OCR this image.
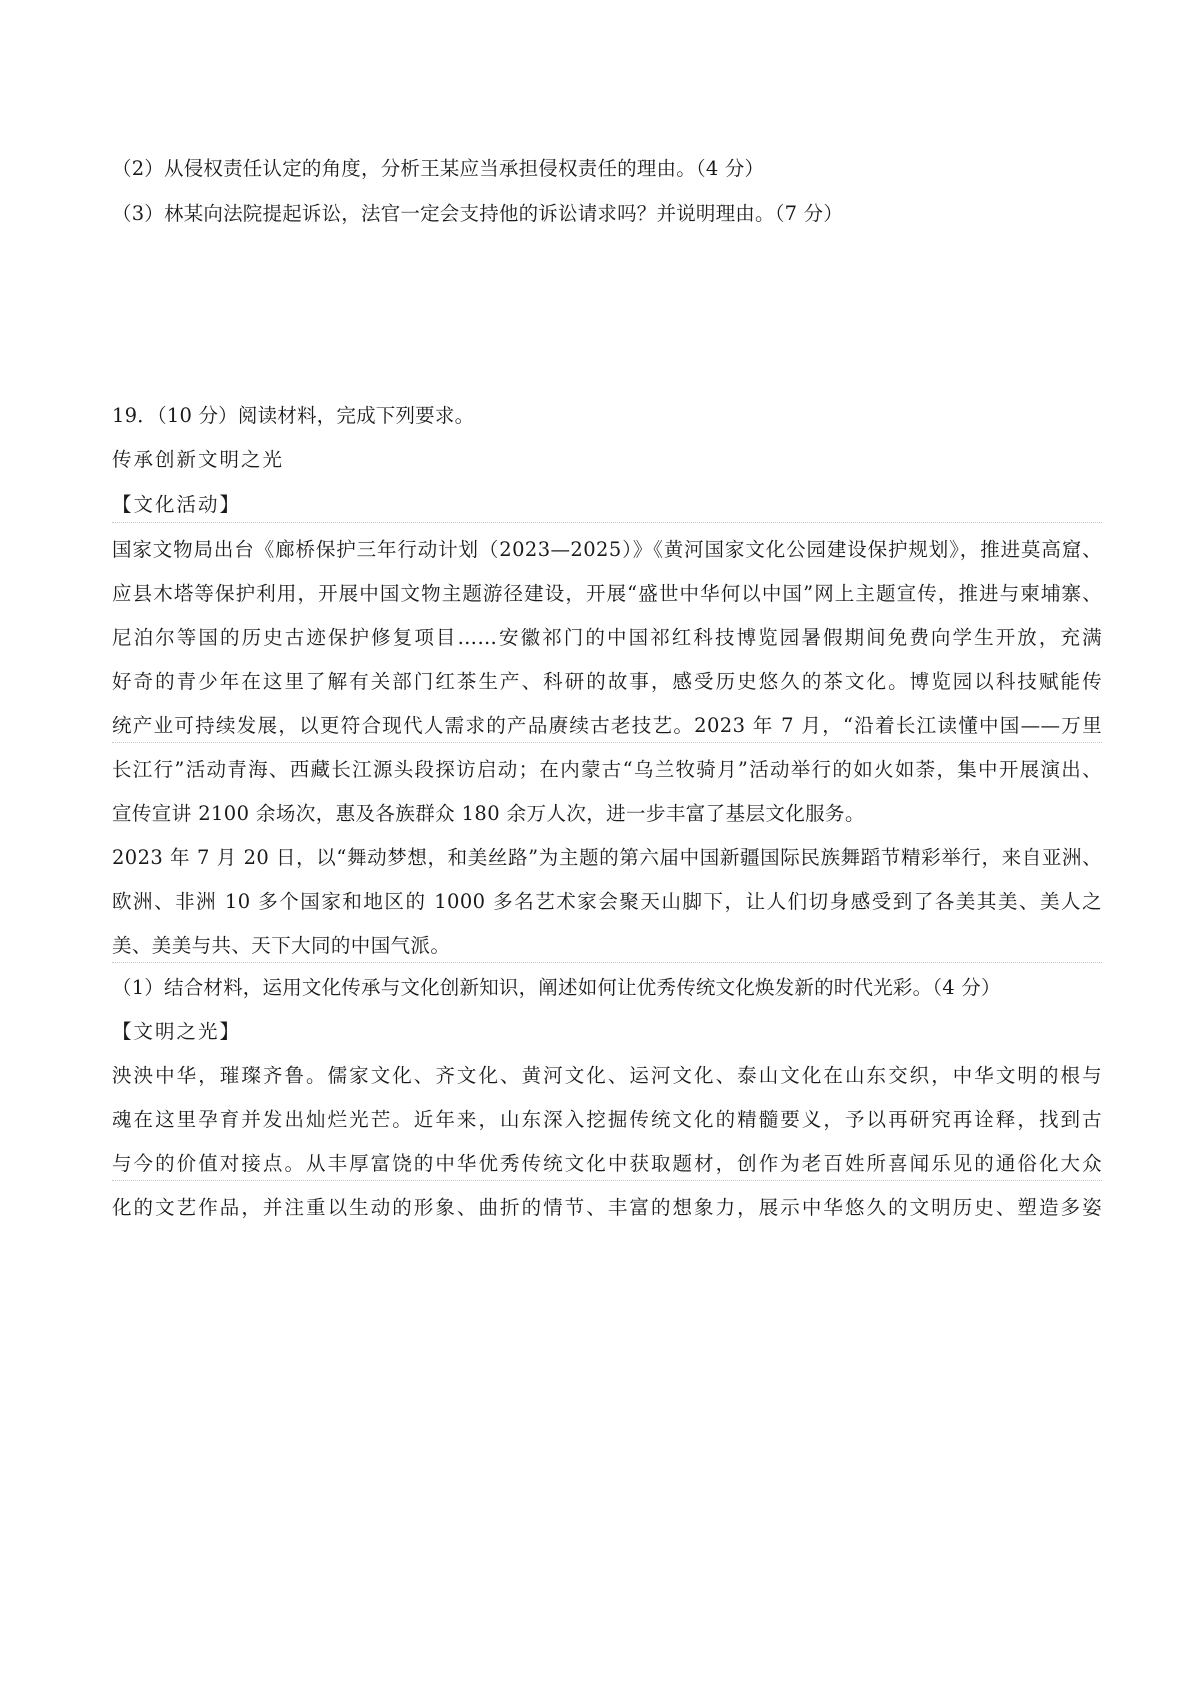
（2）从侵权责任认定的角度，分析王某应当承担侵权责任的理由。（4 分）
（3）林某向法院提起诉讼，法官一定会支持他的诉讼请求吗？并说明理由。（7 分）
19．（10 分）阅读材料，完成下列要求。
传承创新文明之光
【文化活动】
国家文物局出台《廊桥保护三年行动计划（2023—2025）》《黄河国家文化公园建设保护规划》，推进莫高窟、
应县木塔等保护利用，开展中国文物主题游径建设，开展“盛世中华何以中国”网上主题宣传，推进与柬埔寨、
尼泊尔等国的历史古迹保护修复项目……安徽祁门的中国祁红科技博览园暑假期间免费向学生开放，充满
好奇的青少年在这里了解有关部门红茶生产、科研的故事，感受历史悠久的茶文化。博览园以科技赋能传
统产业可持续发展，以更符合现代人需求的产品赓续古老技艺。2023 年 7 月，“沿着长江读懂中国——万里
长江行”活动青海、西藏长江源头段探访启动；在内蒙古“乌兰牧骑月”活动举行的如火如荼，集中开展演出、
宣传宣讲 2100 余场次，惠及各族群众 180 余万人次，进一步丰富了基层文化服务。
2023 年 7 月 20 日，以“舞动梦想，和美丝路”为主题的第六届中国新疆国际民族舞蹈节精彩举行，来自亚洲、
欧洲、非洲 10 多个国家和地区的 1000 多名艺术家会聚天山脚下，让人们切身感受到了各美其美、美人之
美、美美与共、天下大同的中国气派。
（1）结合材料，运用文化传承与文化创新知识，阐述如何让优秀传统文化焕发新的时代光彩。（4 分）
【文明之光】
泱泱中华，璀璨齐鲁。儒家文化、齐文化、黄河文化、运河文化、泰山文化在山东交织，中华文明的根与
魂在这里孕育并发出灿烂光芒。近年来，山东深入挖掘传统文化的精髓要义，予以再研究再诠释，找到古
与今的价值对接点。从丰厚富饶的中华优秀传统文化中获取题材，创作为老百姓所喜闻乐见的通俗化大众
化的文艺作品，并注重以生动的形象、曲折的情节、丰富的想象力，展示中华悠久的文明历史、塑造多姿
